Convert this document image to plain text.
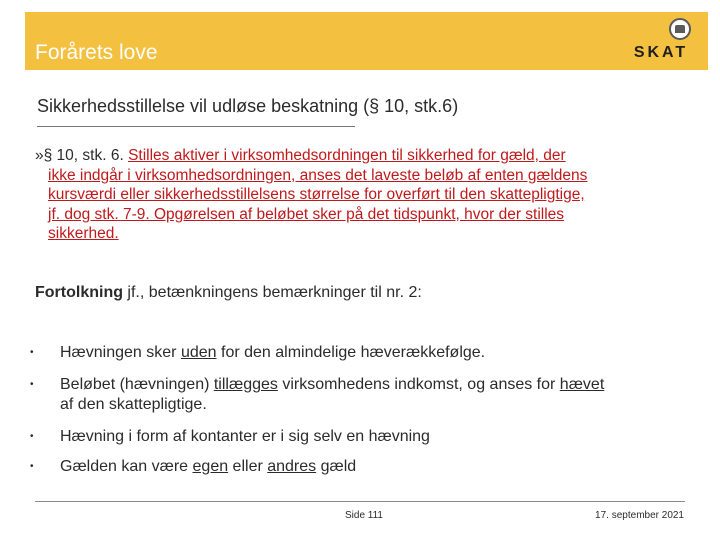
Forårets love	SKAT
Sikkerhedsstillelse vil udløse beskatning (§ 10, stk.6)
»§ 10, stk. 6. Stilles aktiver i virksomhedsordningen til sikkerhed for gæld, der
ikke indgår i virksomhedsordningen, anses det laveste beløb af enten gældens
kursværdi eller sikkerhedsstillelsens størrelse for overført til den skattepligtige,
jf. dog stk. 7-9. Opgørelsen af beløbet sker på det tidspunkt, hvor der stilles
sikkerhed.
Fortolkning jf., betænkningens bemærkninger til nr. 2:
• Hævningen sker uden for den almindelige hæverækkefølge.
• Beløbet (hævningen) tillægges virksomhedens indkomst, og anses for hævet
af den skattepligtige.
• Hævning i form af kontanter er i sig selv en hævning
• Gælden kan være egen eller andres gæld
Side 111	17. september 2021
